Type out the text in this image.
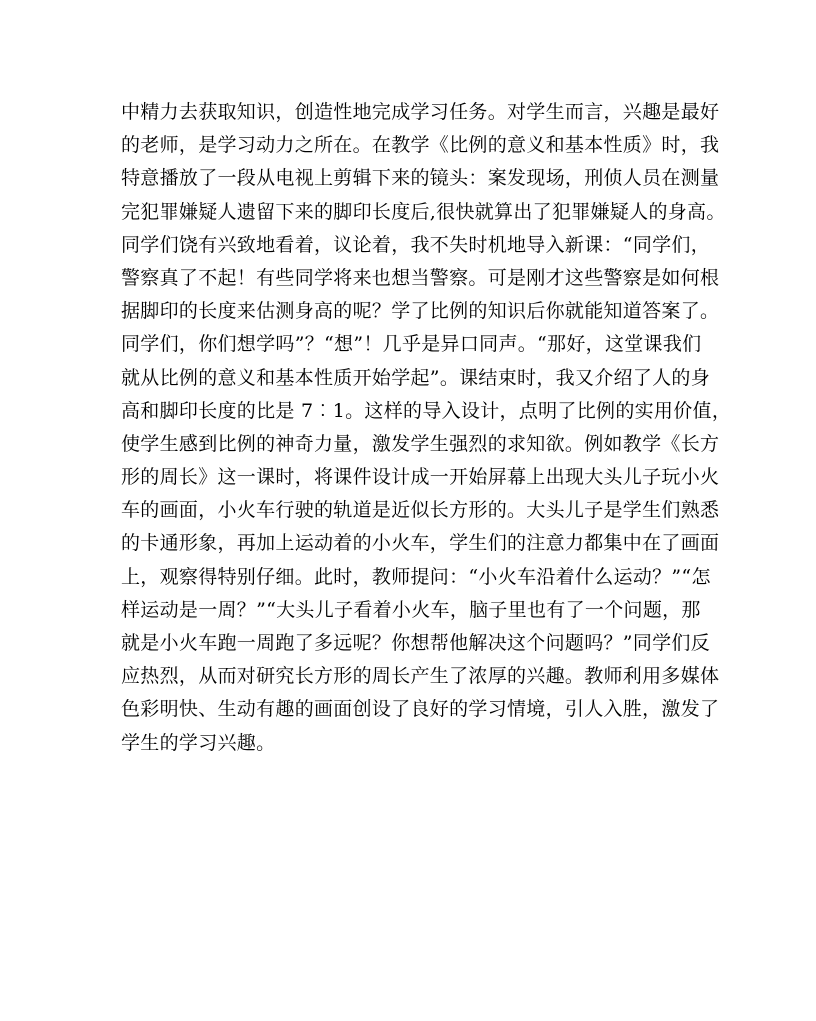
中精力去获取知识，创造性地完成学习任务。对学生而言，兴趣是最好
的老师，是学习动力之所在。在教学《比例的意义和基本性质》时，我
特意播放了一段从电视上剪辑下来的镜头：案发现场，刑侦人员在测量
完犯罪嫌疑人遗留下来的脚印长度后,很快就算出了犯罪嫌疑人的身高。
同学们饶有兴致地看着，议论着，我不失时机地导入新课：“同学们，
警察真了不起！有些同学将来也想当警察。可是刚才这些警察是如何根
据脚印的长度来估测身高的呢？学了比例的知识后你就能知道答案了。
同学们，你们想学吗”？“想”！几乎是异口同声。“那好，这堂课我们
就从比例的意义和基本性质开始学起”。课结束时，我又介绍了人的身
高和脚印长度的比是 7︰1。这样的导入设计，点明了比例的实用价值，
使学生感到比例的神奇力量，激发学生强烈的求知欲。例如教学《长方
形的周长》这一课时，将课件设计成一开始屏幕上出现大头儿子玩小火
车的画面，小火车行驶的轨道是近似长方形的。大头儿子是学生们熟悉
的卡通形象，再加上运动着的小火车，学生们的注意力都集中在了画面
上，观察得特别仔细。此时，教师提问：“小火车沿着什么运动？”“怎
样运动是一周？”“大头儿子看着小火车，脑子里也有了一个问题，那
就是小火车跑一周跑了多远呢？你想帮他解决这个问题吗？”同学们反
应热烈，从而对研究长方形的周长产生了浓厚的兴趣。教师利用多媒体
色彩明快、生动有趣的画面创设了良好的学习情境，引人入胜，激发了
学生的学习兴趣。
